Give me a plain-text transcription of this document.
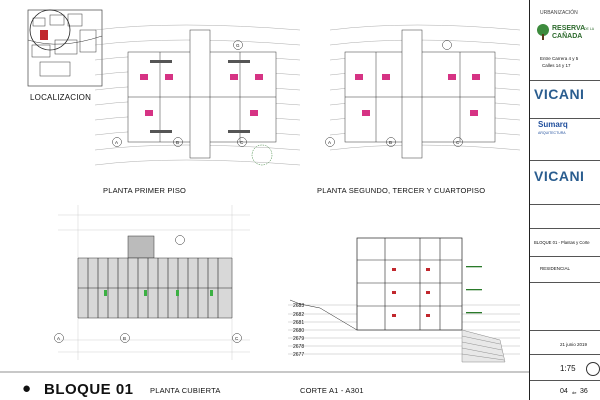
LOCALIZACION
PLANTA PRIMER PISO	PLANTA SEGUNDO, TERCER Y CUARTOPISO
PLANTA CUBIERTA	CORTE A1 - A301
● BLOQUE 01
2683
2682
2681
2680
2679
2678
2677
A	B	C
G
A	B	C
A	B	C
URBANIZACIÓN
RESERVA
DE LA
CAÑADA
Entre Carrera 4 y 5
Calles 14 y 17
VICANI
Sumarq
ARQUITECTURA
VICANI
BLOQUE 01 - Plantas y Corte
RESIDENCIAL
21 junio 2019
1:75
04 de 36
